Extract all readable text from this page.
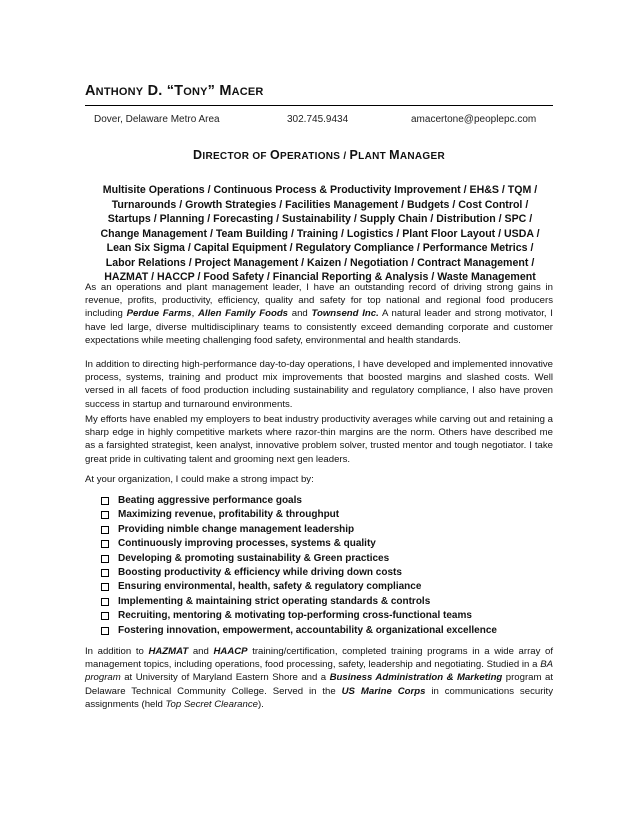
ANTHONY D. “TONY” MACER
Dover, Delaware Metro Area	302.745.9434	amacertone@peoplepc.com
DIRECTOR OF OPERATIONS / PLANT MANAGER
Multisite Operations / Continuous Process & Productivity Improvement / EH&S / TQM /
Turnarounds / Growth Strategies / Facilities Management / Budgets / Cost Control /
Startups / Planning / Forecasting / Sustainability / Supply Chain / Distribution / SPC /
Change Management / Team Building / Training / Logistics / Plant Floor Layout / USDA /
Lean Six Sigma / Capital Equipment / Regulatory Compliance / Performance Metrics /
Labor Relations / Project Management / Kaizen / Negotiation / Contract Management /
HAZMAT / HACCP / Food Safety / Financial Reporting & Analysis / Waste Management
As an operations and plant management leader, I have an outstanding record of driving strong gains in revenue, profits, productivity, efficiency, quality and safety for top national and regional food producers including Perdue Farms, Allen Family Foods and Townsend Inc. A natural leader and strong motivator, I have led large, diverse multidisciplinary teams to consistently exceed demanding corporate and customer expectations while meeting challenging food safety, environmental and health standards.
In addition to directing high-performance day-to-day operations, I have developed and implemented innovative process, systems, training and product mix improvements that boosted margins and slashed costs. Well versed in all facets of food production including sustainability and regulatory compliance, I also have proven success in startup and turnaround environments.
My efforts have enabled my employers to beat industry productivity averages while carving out and retaining a sharp edge in highly competitive markets where razor-thin margins are the norm. Others have described me as a farsighted strategist, keen analyst, innovative problem solver, trusted mentor and tough negotiator. I take great pride in cultivating talent and grooming next gen leaders.
At your organization, I could make a strong impact by:
Beating aggressive performance goals
Maximizing revenue, profitability & throughput
Providing nimble change management leadership
Continuously improving processes, systems & quality
Developing & promoting sustainability & Green practices
Boosting productivity & efficiency while driving down costs
Ensuring environmental, health, safety & regulatory compliance
Implementing & maintaining strict operating standards & controls
Recruiting, mentoring & motivating top-performing cross-functional teams
Fostering innovation, empowerment, accountability & organizational excellence
In addition to HAZMAT and HAACP training/certification, completed training programs in a wide array of management topics, including operations, food processing, safety, leadership and negotiating. Studied in a BA program at University of Maryland Eastern Shore and a Business Administration & Marketing program at Delaware Technical Community College. Served in the US Marine Corps in communications security assignments (held Top Secret Clearance).
